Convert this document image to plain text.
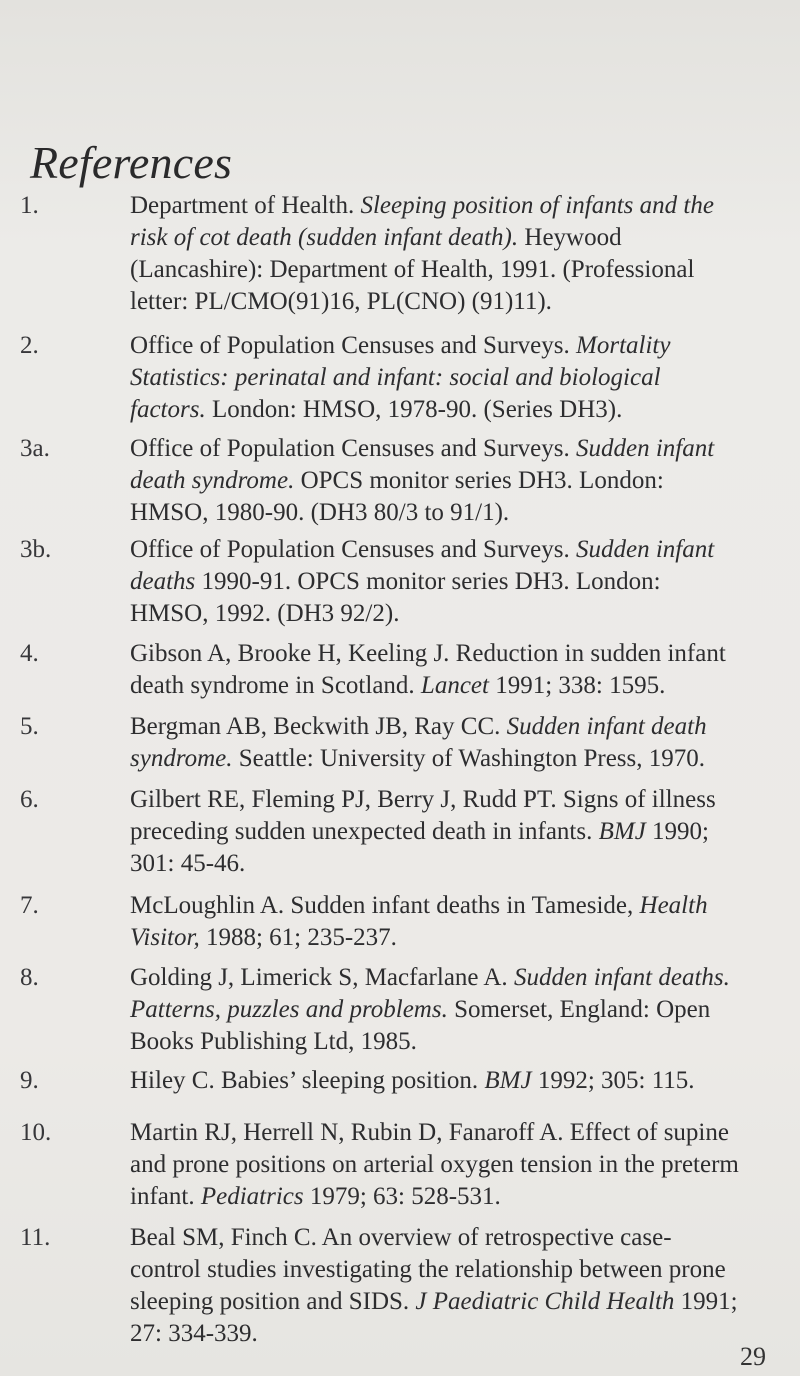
References
1.	Department of Health. Sleeping position of infants and the risk of cot death (sudden infant death). Heywood (Lancashire): Department of Health, 1991. (Professional letter: PL/CMO(91)16, PL(CNO) (91)11).
2.	Office of Population Censuses and Surveys. Mortality Statistics: perinatal and infant: social and biological factors. London: HMSO, 1978-90. (Series DH3).
3a.	Office of Population Censuses and Surveys. Sudden infant death syndrome. OPCS monitor series DH3. London: HMSO, 1980-90. (DH3 80/3 to 91/1).
3b.	Office of Population Censuses and Surveys. Sudden infant deaths 1990-91. OPCS monitor series DH3. London: HMSO, 1992. (DH3 92/2).
4.	Gibson A, Brooke H, Keeling J. Reduction in sudden infant death syndrome in Scotland. Lancet 1991; 338: 1595.
5.	Bergman AB, Beckwith JB, Ray CC. Sudden infant death syndrome. Seattle: University of Washington Press, 1970.
6.	Gilbert RE, Fleming PJ, Berry J, Rudd PT. Signs of illness preceding sudden unexpected death in infants. BMJ 1990; 301: 45-46.
7.	McLoughlin A. Sudden infant deaths in Tameside, Health Visitor, 1988; 61; 235-237.
8.	Golding J, Limerick S, Macfarlane A. Sudden infant deaths. Patterns, puzzles and problems. Somerset, England: Open Books Publishing Ltd, 1985.
9.	Hiley C. Babies’ sleeping position. BMJ 1992; 305: 115.
10.	Martin RJ, Herrell N, Rubin D, Fanaroff A. Effect of supine and prone positions on arterial oxygen tension in the preterm infant. Pediatrics 1979; 63: 528-531.
11.	Beal SM, Finch C. An overview of retrospective case-control studies investigating the relationship between prone sleeping position and SIDS. J Paediatric Child Health 1991; 27: 334-339.
29
